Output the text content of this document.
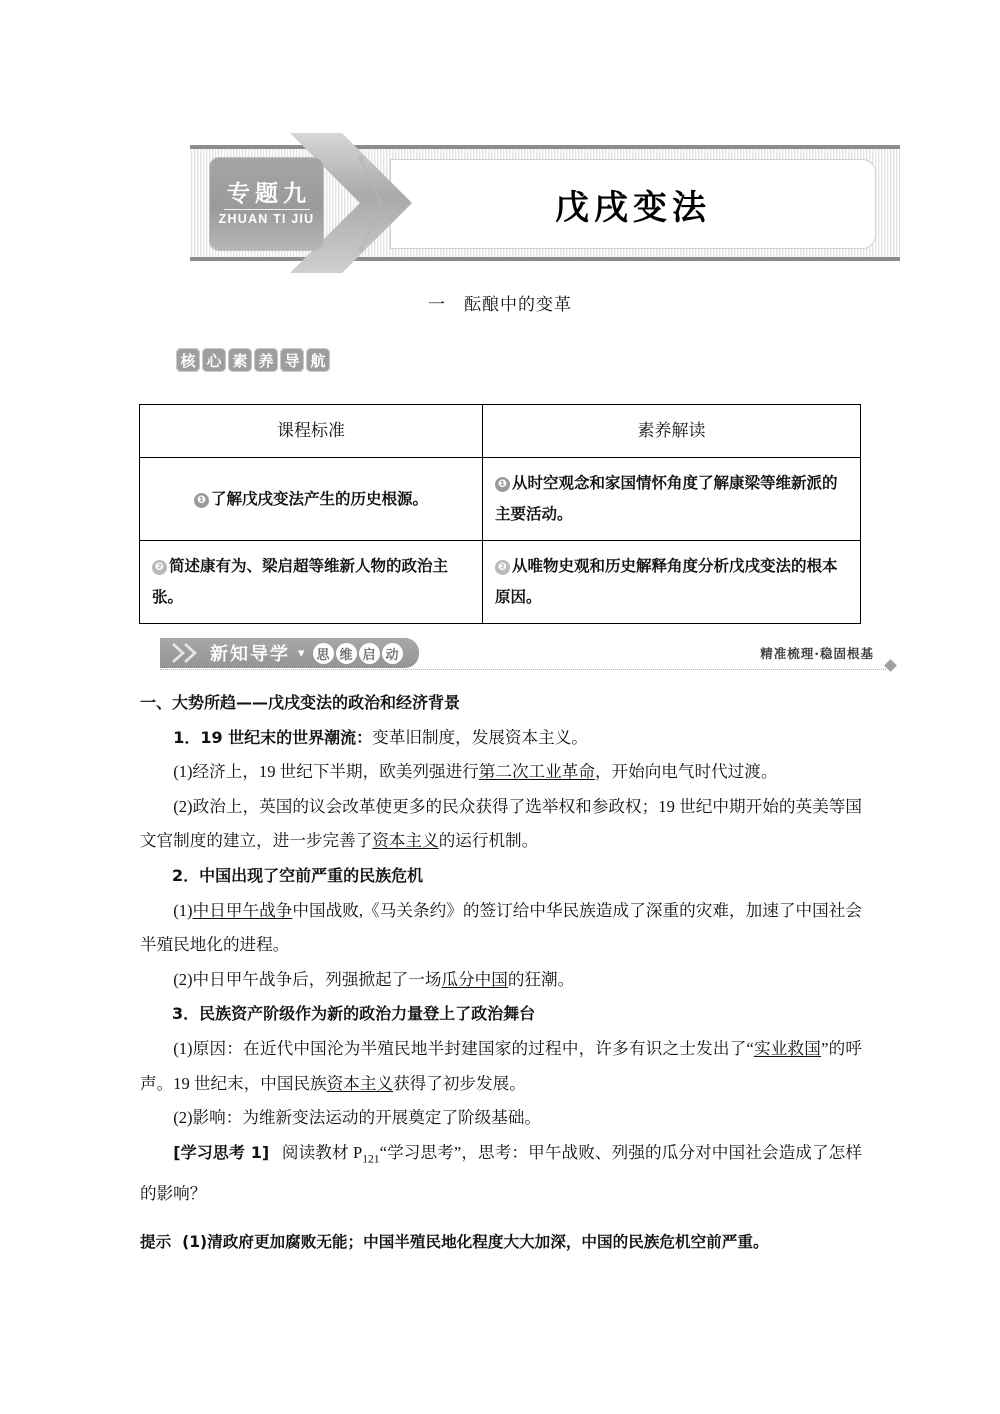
戊戌变法
专题九
ZHUAN TI JIU
一 酝酿中的变革
核 心 素 养 导 航
课程标准	素养解读
❶ 了解戊戌变法产生的历史根源。	❶ 从时空观念和家国情怀角度了解康梁等维新派的主要活动。
❷ 简述康有为、梁启超等维新人物的政治主张。	❷ 从唯物史观和历史解释角度分析戊戌变法的根本原因。
新知导学 ▾ 思 维 启 动	精准梳理·稳固根基

一、大势所趋——戊戌变法的政治和经济背景

1．19 世纪末的世界潮流：变革旧制度，发展资本主义。

(1)经济上，19 世纪下半期，欧美列强进行第二次工业革命，开始向电气时代过渡。

(2)政治上，英国的议会改革使更多的民众获得了选举权和参政权；19 世纪中期开始的英美等国文官制度的建立，进一步完善了资本主义的运行机制。

2．中国出现了空前严重的民族危机

(1)中日甲午战争中国战败,《马关条约》的签订给中华民族造成了深重的灾难，加速了中国社会半殖民地化的进程。

(2)中日甲午战争后，列强掀起了一场瓜分中国的狂潮。

3．民族资产阶级作为新的政治力量登上了政治舞台

(1)原因：在近代中国沦为半殖民地半封建国家的过程中，许多有识之士发出了“实业救国”的呼声。19 世纪末，中国民族资本主义获得了初步发展。

(2)影响：为维新变法运动的开展奠定了阶级基础。

[学习思考 1] 阅读教材 $P_{121}“$学习思考”，思考：甲午战败、列强的瓜分对中国社会造成了怎样的影响？

提示 (1)清政府更加腐败无能；中国半殖民地化程度大大加深，中国的民族危机空前严重。
